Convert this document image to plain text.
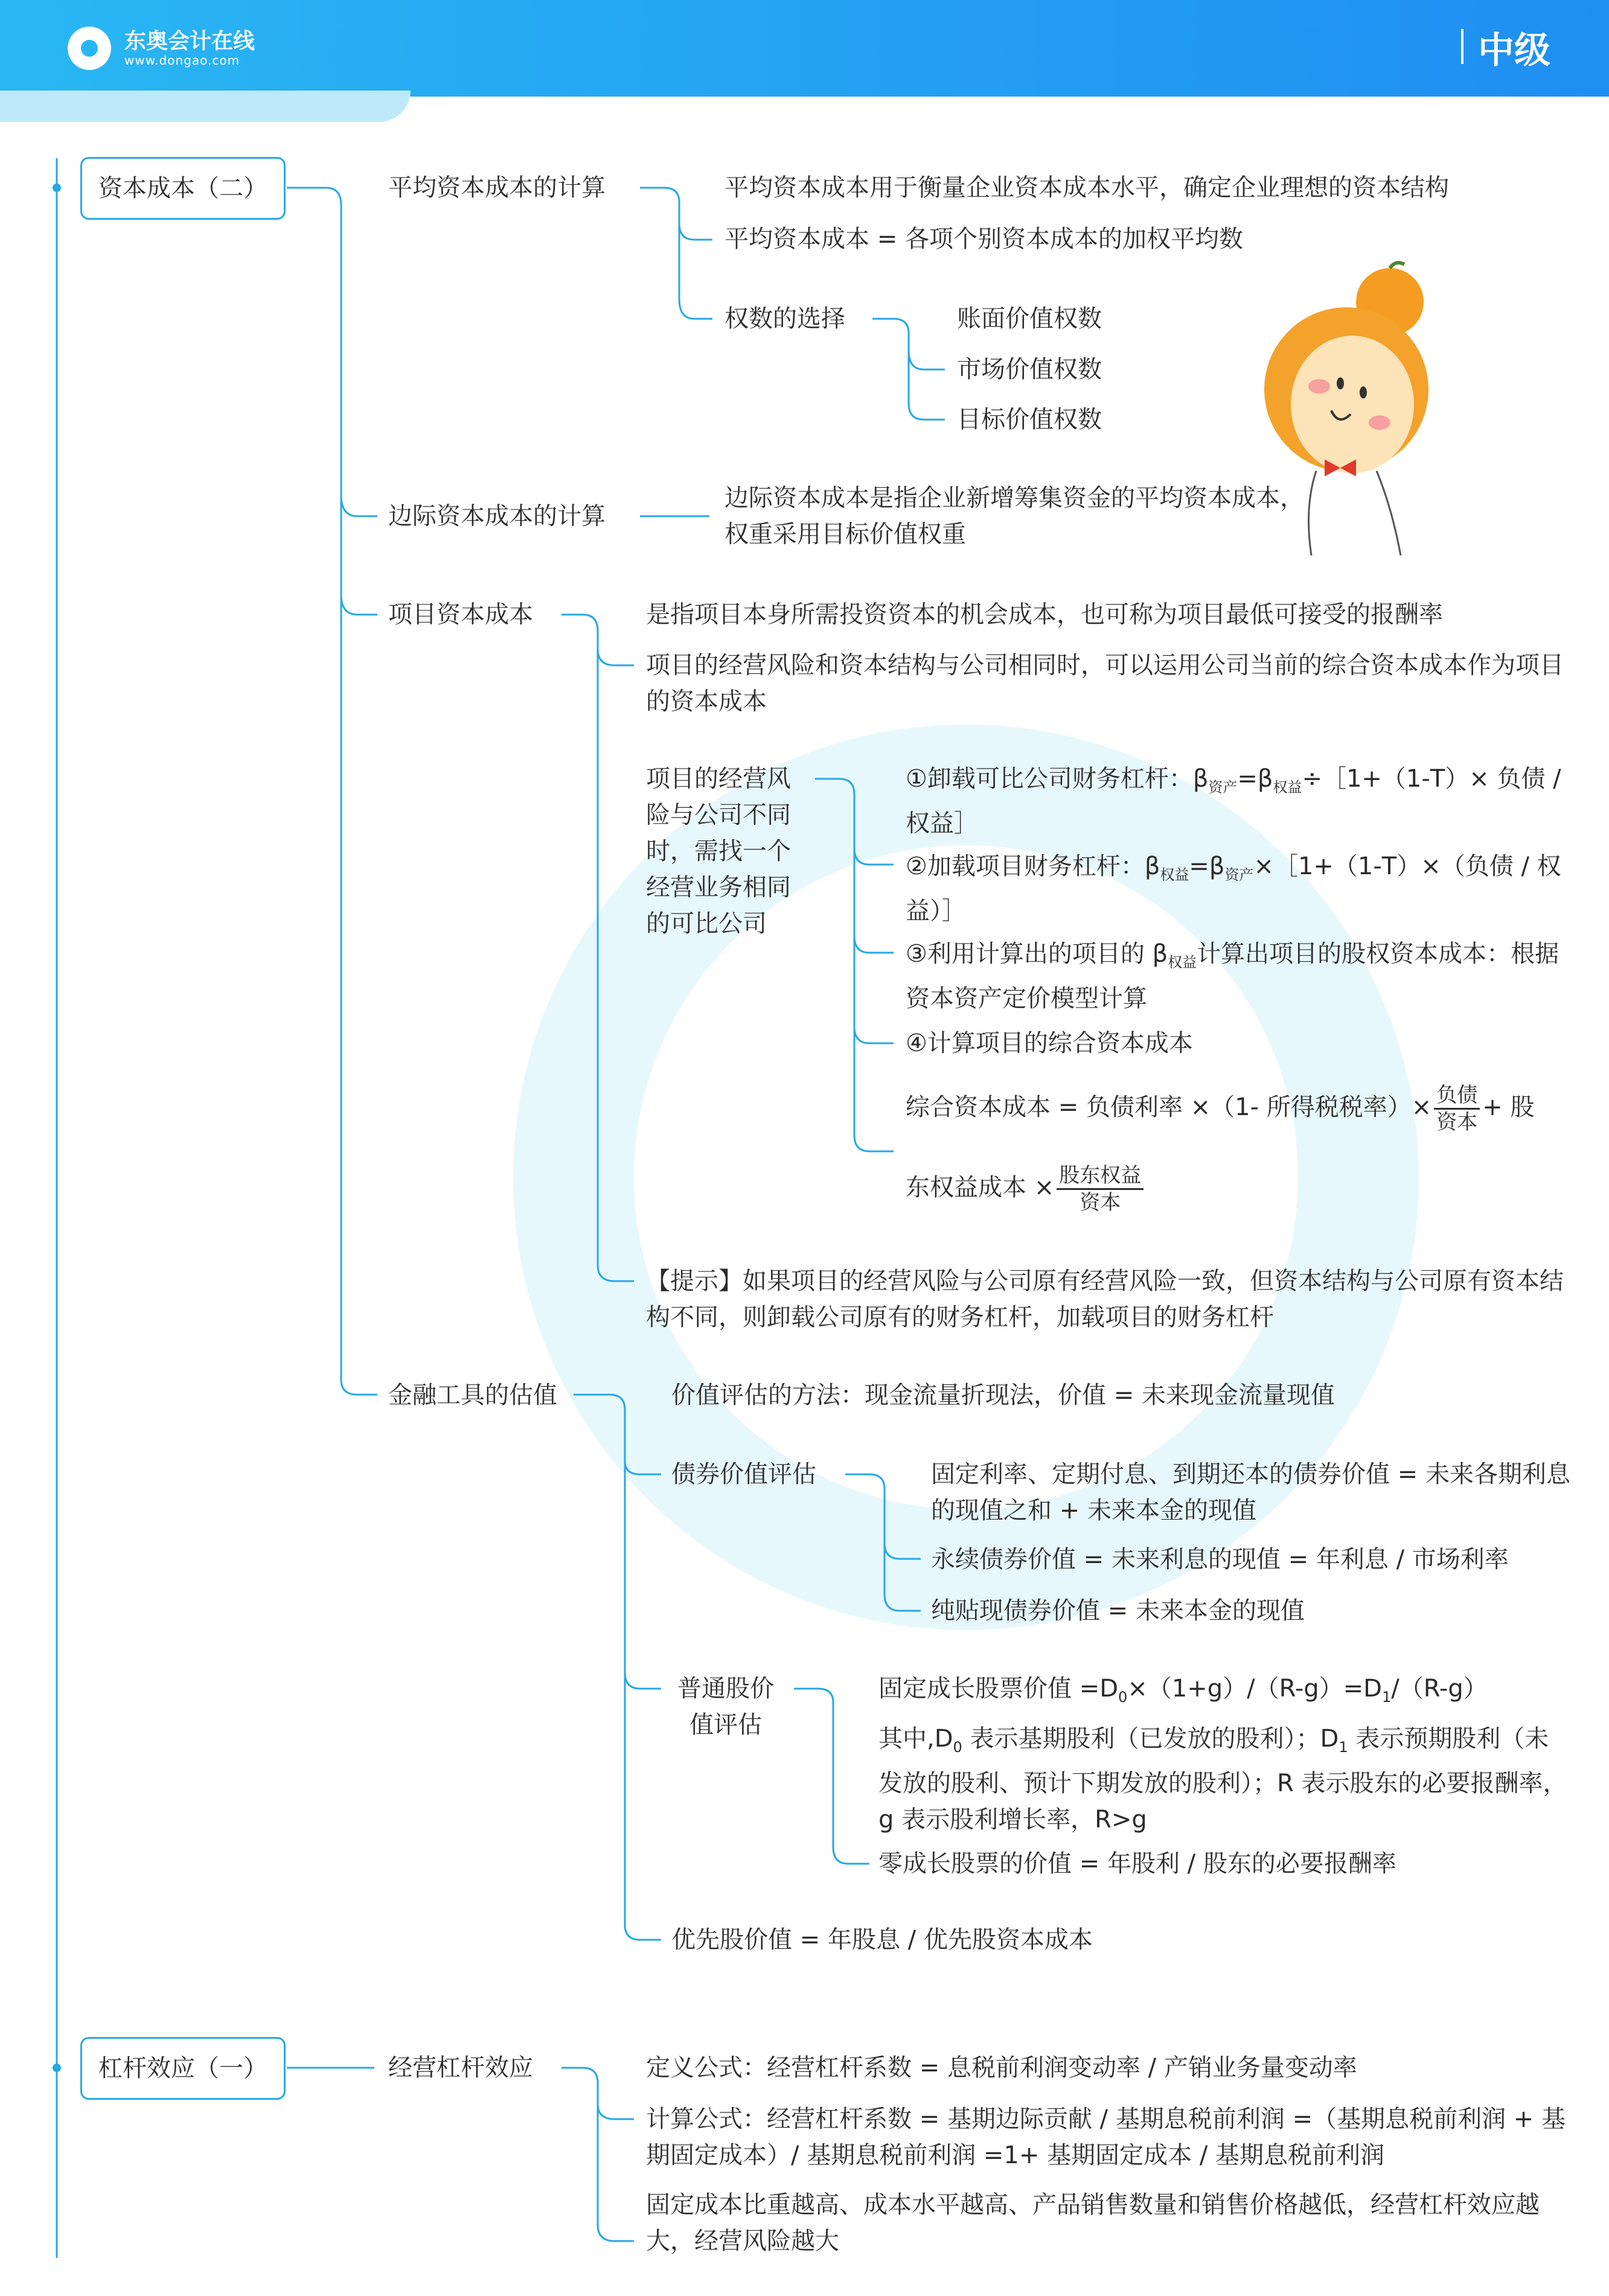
东奥会计在线
www.dongao.com	中级
资本成本（二）	平均资本成本的计算	平均资本成本用于衡量企业资本成本水平，确定企业理想的资本结构
平均资本成本 = 各项个别资本成本的加权平均数
权数的选择	账面价值权数
市场价值权数
目标价值权数
边际资本成本的计算
边际资本成本是指企业新增筹集资金的平均资本成本，权重采用目标价值权重
项目资本成本	是指项目本身所需投资资本的机会成本，也可称为项目最低可接受的报酬率
项目的经营风险和资本结构与公司相同时，可以运用公司当前的综合资本成本作为项目的资本成本
项目的经营风险与公司不同时，需找一个经营业务相同的可比公司
①卸载可比公司财务杠杆：$\beta_{资产}=\beta_{权益}\div[1+(1-T)\times$ 负债 / 权益］
②加载项目财务杠杆：$\beta_{权益}=\beta_{资产}\times[1+(1-T)\times$（负债 / 权益）］
③利用计算出的项目的 $\beta_{权益}$计算出项目的股权资本成本：根据资本资产定价模型计算
④计算项目的综合资本成本
综合资本成本 = 负债利率 ×（1- 所得税税率）× $\frac{\text{负债}}{\text{资本}}$ + 股
东权益成本 × $\frac{\text{股东权益}}{\text{资本}}$
【提示】如果项目的经营风险与公司原有经营风险一致，但资本结构与公司原有资本结构不同，则卸载公司原有的财务杠杆，加载项目的财务杠杆
金融工具的估值	价值评估的方法：现金流量折现法，价值 = 未来现金流量现值
债券价值评估	固定利率、定期付息、到期还本的债券价值 = 未来各期利息的现值之和 + 未来本金的现值
永续债券价值 = 未来利息的现值 = 年利息 / 市场利率
纯贴现债券价值 = 未来本金的现值
普通股价值评估
固定成长股票价值 $=D_0\times(1+g)/(R-g)=D_1/(R-g)$
其中$,D_0$ 表示基期股利（已发放的股利）；$D_1$ 表示预期股利（未发放的股利、预计下期发放的股利）；R 表示股东的必要报酬率，g 表示股利增长率，R>g
零成长股票的价值 = 年股利 / 股东的必要报酬率
优先股价值 = 年股息 / 优先股资本成本
杠杆效应（一）	经营杠杆效应	定义公式：经营杠杆系数 = 息税前利润变动率 / 产销业务量变动率
计算公式：经营杠杆系数 = 基期边际贡献 / 基期息税前利润 =（基期息税前利润 + 基期固定成本）/ 基期息税前利润 =1+ 基期固定成本 / 基期息税前利润
固定成本比重越高、成本水平越高、产品销售数量和销售价格越低，经营杠杆效应越大，经营风险越大
